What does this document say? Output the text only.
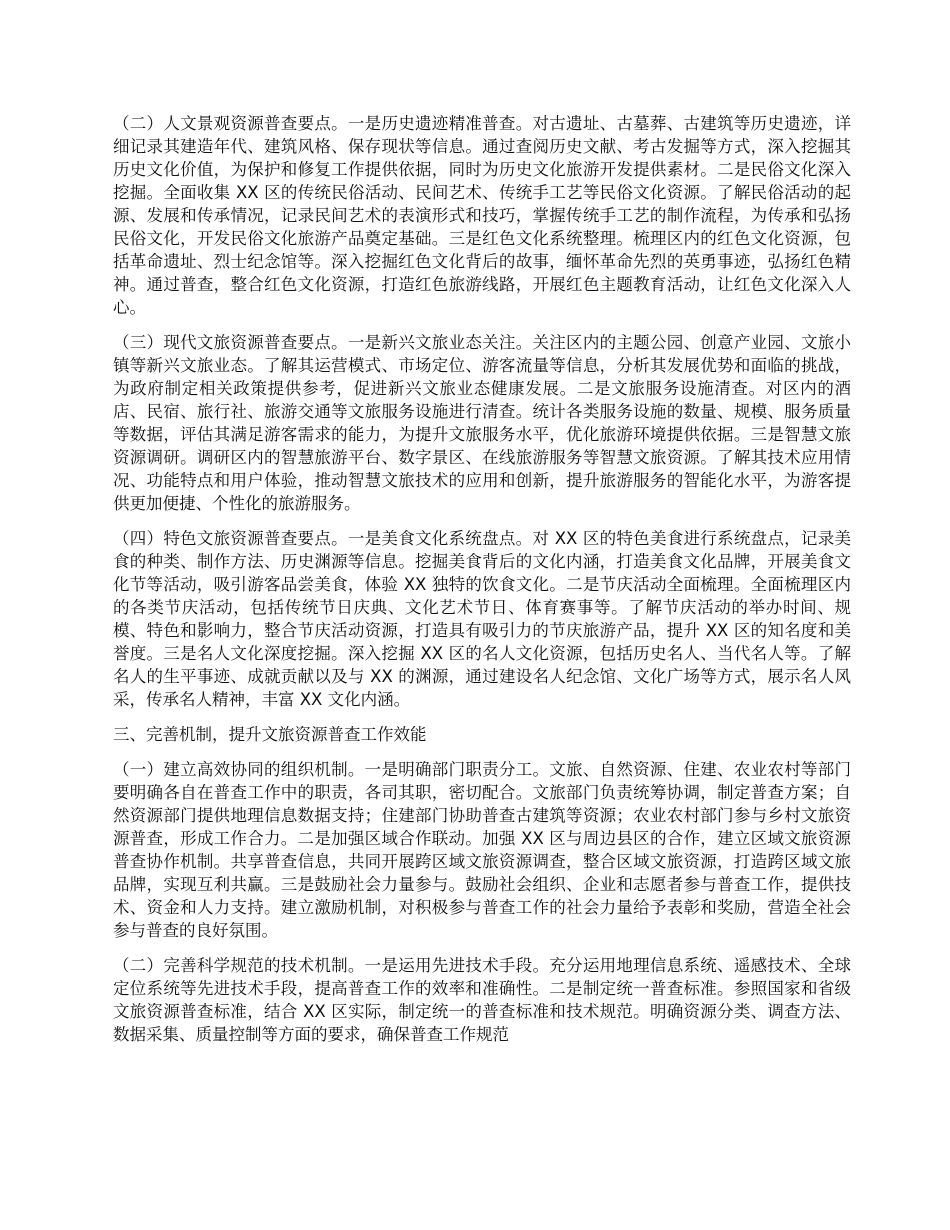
（二）人文景观资源普查要点。一是历史遗迹精准普查。对古遗址、古墓葬、古建筑等历史遗迹，详细记录其建造年代、建筑风格、保存现状等信息。通过查阅历史文献、考古发掘等方式，深入挖掘其历史文化价值，为保护和修复工作提供依据，同时为历史文化旅游开发提供素材。二是民俗文化深入挖掘。全面收集 XX 区的传统民俗活动、民间艺术、传统手工艺等民俗文化资源。了解民俗活动的起源、发展和传承情况，记录民间艺术的表演形式和技巧，掌握传统手工艺的制作流程，为传承和弘扬民俗文化，开发民俗文化旅游产品奠定基础。三是红色文化系统整理。梳理区内的红色文化资源，包括革命遗址、烈士纪念馆等。深入挖掘红色文化背后的故事，缅怀革命先烈的英勇事迹，弘扬红色精神。通过普查，整合红色文化资源，打造红色旅游线路，开展红色主题教育活动，让红色文化深入人心。

（三）现代文旅资源普查要点。一是新兴文旅业态关注。关注区内的主题公园、创意产业园、文旅小镇等新兴文旅业态。了解其运营模式、市场定位、游客流量等信息，分析其发展优势和面临的挑战，为政府制定相关政策提供参考，促进新兴文旅业态健康发展。二是文旅服务设施清查。对区内的酒店、民宿、旅行社、旅游交通等文旅服务设施进行清查。统计各类服务设施的数量、规模、服务质量等数据，评估其满足游客需求的能力，为提升文旅服务水平，优化旅游环境提供依据。三是智慧文旅资源调研。调研区内的智慧旅游平台、数字景区、在线旅游服务等智慧文旅资源。了解其技术应用情况、功能特点和用户体验，推动智慧文旅技术的应用和创新，提升旅游服务的智能化水平，为游客提供更加便捷、个性化的旅游服务。

（四）特色文旅资源普查要点。一是美食文化系统盘点。对 XX 区的特色美食进行系统盘点，记录美食的种类、制作方法、历史渊源等信息。挖掘美食背后的文化内涵，打造美食文化品牌，开展美食文化节等活动，吸引游客品尝美食，体验 XX 独特的饮食文化。二是节庆活动全面梳理。全面梳理区内的各类节庆活动，包括传统节日庆典、文化艺术节日、体育赛事等。了解节庆活动的举办时间、规模、特色和影响力，整合节庆活动资源，打造具有吸引力的节庆旅游产品，提升 XX 区的知名度和美誉度。三是名人文化深度挖掘。深入挖掘 XX 区的名人文化资源，包括历史名人、当代名人等。了解名人的生平事迹、成就贡献以及与 XX 的渊源，通过建设名人纪念馆、文化广场等方式，展示名人风采，传承名人精神，丰富 XX 文化内涵。

三、完善机制，提升文旅资源普查工作效能

（一）建立高效协同的组织机制。一是明确部门职责分工。文旅、自然资源、住建、农业农村等部门要明确各自在普查工作中的职责，各司其职，密切配合。文旅部门负责统筹协调，制定普查方案；自然资源部门提供地理信息数据支持；住建部门协助普查古建筑等资源；农业农村部门参与乡村文旅资源普查，形成工作合力。二是加强区域合作联动。加强 XX 区与周边县区的合作，建立区域文旅资源普查协作机制。共享普查信息，共同开展跨区域文旅资源调查，整合区域文旅资源，打造跨区域文旅品牌，实现互利共赢。三是鼓励社会力量参与。鼓励社会组织、企业和志愿者参与普查工作，提供技术、资金和人力支持。建立激励机制，对积极参与普查工作的社会力量给予表彰和奖励，营造全社会参与普查的良好氛围。

（二）完善科学规范的技术机制。一是运用先进技术手段。充分运用地理信息系统、遥感技术、全球定位系统等先进技术手段，提高普查工作的效率和准确性。二是制定统一普查标准。参照国家和省级文旅资源普查标准，结合 XX 区实际，制定统一的普查标准和技术规范。明确资源分类、调查方法、数据采集、质量控制等方面的要求，确保普查工作规范
